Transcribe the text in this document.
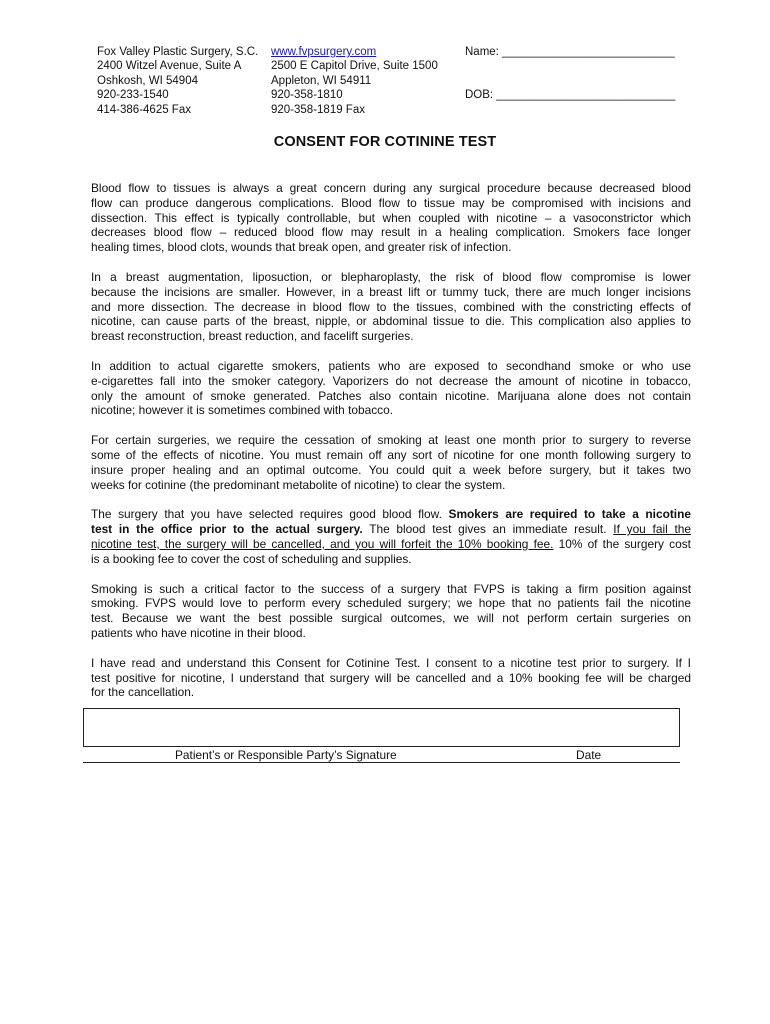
Fox Valley Plastic Surgery, S.C.
2400 Witzel Avenue, Suite A
Oshkosh, WI 54904
920-233-1540
414-386-4625 Fax
www.fvpsurgery.com
2500 E Capitol Drive, Suite 1500
Appleton, WI 54911
920-358-1810
920-358-1819 Fax
Name: ___________________________
DOB: ____________________________
CONSENT FOR COTININE TEST
Blood flow to tissues is always a great concern during any surgical procedure because decreased blood
flow can produce dangerous complications. Blood flow to tissue may be compromised with incisions and
dissection. This effect is typically controllable, but when coupled with nicotine – a vasoconstrictor which
decreases blood flow – reduced blood flow may result in a healing complication. Smokers face longer
healing times, blood clots, wounds that break open, and greater risk of infection.
In a breast augmentation, liposuction, or blepharoplasty, the risk of blood flow compromise is lower
because the incisions are smaller. However, in a breast lift or tummy tuck, there are much longer incisions
and more dissection. The decrease in blood flow to the tissues, combined with the constricting effects of
nicotine, can cause parts of the breast, nipple, or abdominal tissue to die. This complication also applies to
breast reconstruction, breast reduction, and facelift surgeries.
In addition to actual cigarette smokers, patients who are exposed to secondhand smoke or who use
e-cigarettes fall into the smoker category. Vaporizers do not decrease the amount of nicotine in tobacco,
only the amount of smoke generated. Patches also contain nicotine. Marijuana alone does not contain
nicotine; however it is sometimes combined with tobacco.
For certain surgeries, we require the cessation of smoking at least one month prior to surgery to reverse
some of the effects of nicotine. You must remain off any sort of nicotine for one month following surgery to
insure proper healing and an optimal outcome. You could quit a week before surgery, but it takes two
weeks for cotinine (the predominant metabolite of nicotine) to clear the system.
The surgery that you have selected requires good blood flow. Smokers are required to take a nicotine
test in the office prior to the actual surgery. The blood test gives an immediate result. If you fail the
nicotine test, the surgery will be cancelled, and you will forfeit the 10% booking fee. 10% of the surgery cost
is a booking fee to cover the cost of scheduling and supplies.
Smoking is such a critical factor to the success of a surgery that FVPS is taking a firm position against
smoking. FVPS would love to perform every scheduled surgery; we hope that no patients fail the nicotine
test. Because we want the best possible surgical outcomes, we will not perform certain surgeries on
patients who have nicotine in their blood.
I have read and understand this Consent for Cotinine Test. I consent to a nicotine test prior to surgery. If I
test positive for nicotine, I understand that surgery will be cancelled and a 10% booking fee will be charged
for the cancellation.
Patient’s or Responsible Party’s Signature	Date
